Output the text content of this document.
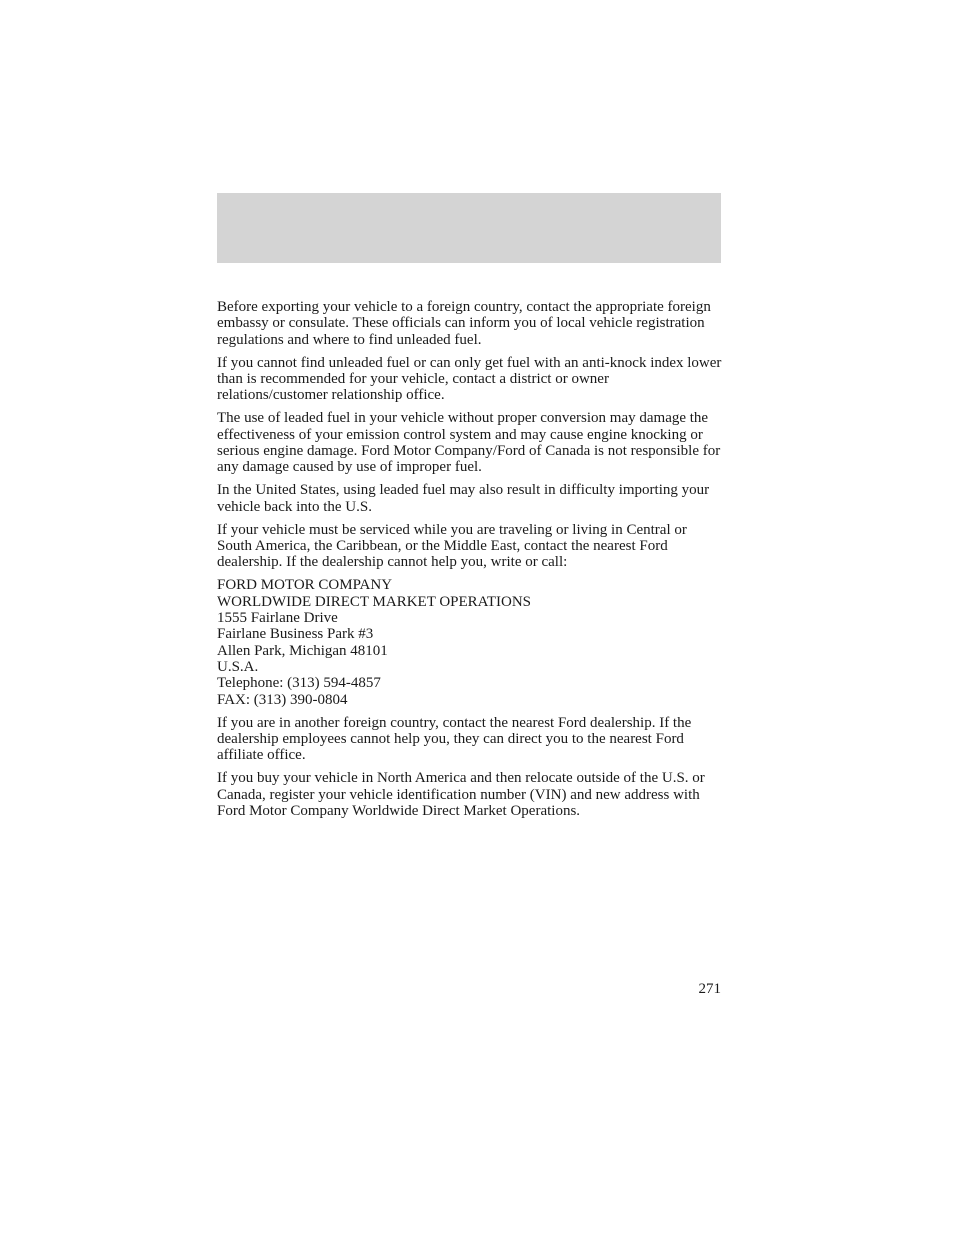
Before exporting your vehicle to a foreign country, contact the appropriate foreign embassy or consulate. These officials can inform you of local vehicle registration regulations and where to find unleaded fuel.

If you cannot find unleaded fuel or can only get fuel with an anti-knock index lower than is recommended for your vehicle, contact a district or owner relations/customer relationship office.

The use of leaded fuel in your vehicle without proper conversion may damage the effectiveness of your emission control system and may cause engine knocking or serious engine damage. Ford Motor Company/Ford of Canada is not responsible for any damage caused by use of improper fuel.

In the United States, using leaded fuel may also result in difficulty importing your vehicle back into the U.S.

If your vehicle must be serviced while you are traveling or living in Central or South America, the Caribbean, or the Middle East, contact the nearest Ford dealership. If the dealership cannot help you, write or call:

FORD MOTOR COMPANY
WORLDWIDE DIRECT MARKET OPERATIONS
1555 Fairlane Drive
Fairlane Business Park #3
Allen Park, Michigan 48101
U.S.A.
Telephone: (313) 594-4857
FAX: (313) 390-0804

If you are in another foreign country, contact the nearest Ford dealership. If the dealership employees cannot help you, they can direct you to the nearest Ford affiliate office.

If you buy your vehicle in North America and then relocate outside of the U.S. or Canada, register your vehicle identification number (VIN) and new address with Ford Motor Company Worldwide Direct Market Operations.

271
